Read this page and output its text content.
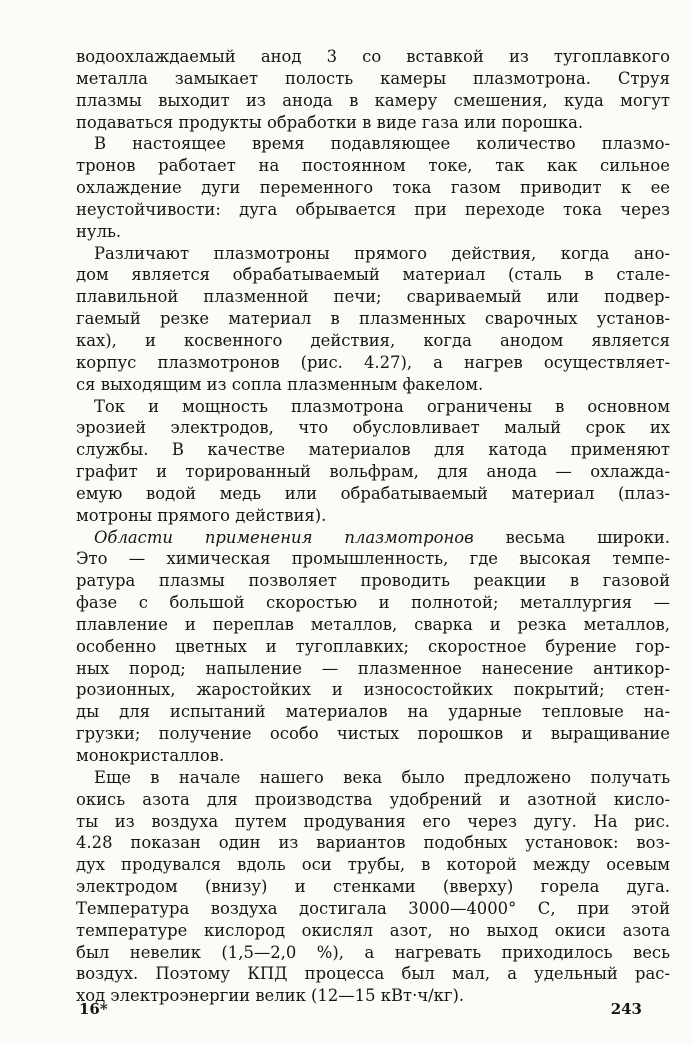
водоохлаждаемый анод 3 со вставкой из тугоплавкого
металла замыкает полость камеры плазмотрона. Струя
плазмы выходит из анода в камеру смешения, куда могут
подаваться продукты обработки в виде газа или порошка.
В настоящее время подавляющее количество плазмо-
тронов работает на постоянном токе, так как сильное
охлаждение дуги переменного тока газом приводит к ее
неустойчивости: дуга обрывается при переходе тока через
нуль.
Различают плазмотроны прямого действия, когда ано-
дом является обрабатываемый материал (сталь в сталe-
плавильной плазменной печи; свариваемый или подвер-
гаемый резке материал в плазменных сварочных установ-
ках), и косвенного действия, когда анодом является
корпус плазмотронов (рис. 4.27), а нагрев осуществляет-
ся выходящим из сопла плазменным факелом.
Ток и мощность плазмотрона ограничены в основном
эрозией электродов, что обусловливает малый срок их
службы. В качестве материалов для катода применяют
графит и торированный вольфрам, для анода — охлажда-
емую водой медь или обрабатываемый материал (плаз-
мотроны прямого действия).
Области применения плазмотронов весьма широки.
Это — химическая промышленность, где высокая темпе-
ратура плазмы позволяет проводить реакции в газовой
фазе с большой скоростью и полнотой; металлургия —
плавление и переплав металлов, сварка и резка металлов,
особенно цветных и тугоплавких; скоростное бурение гор-
ных пород; напыление — плазменное нанесение антикор-
розионных, жаростойких и износостойких покрытий; стен-
ды для испытаний материалов на ударные тепловые на-
грузки; получение особо чистых порошков и выращивание
монокристаллов.
Еще в начале нашего века было предложено получать
окись азота для производства удобрений и азотной кисло-
ты из воздуха путем продувания его через дугу. На рис.
4.28 показан один из вариантов подобных установок: воз-
дух продувался вдоль оси трубы, в которой между осевым
электродом (внизу) и стенками (вверху) горела дуга.
Температура воздуха достигала 3000—4000° С, при этой
температуре кислород окислял азот, но выход окиси азота
был невелик (1,5—2,0 %), а нагревать приходилось весь
воздух. Поэтому КПД процесса был мал, а удельный рас-
ход электроэнергии велик (12—15 кВт·ч/кг).
16*	243
